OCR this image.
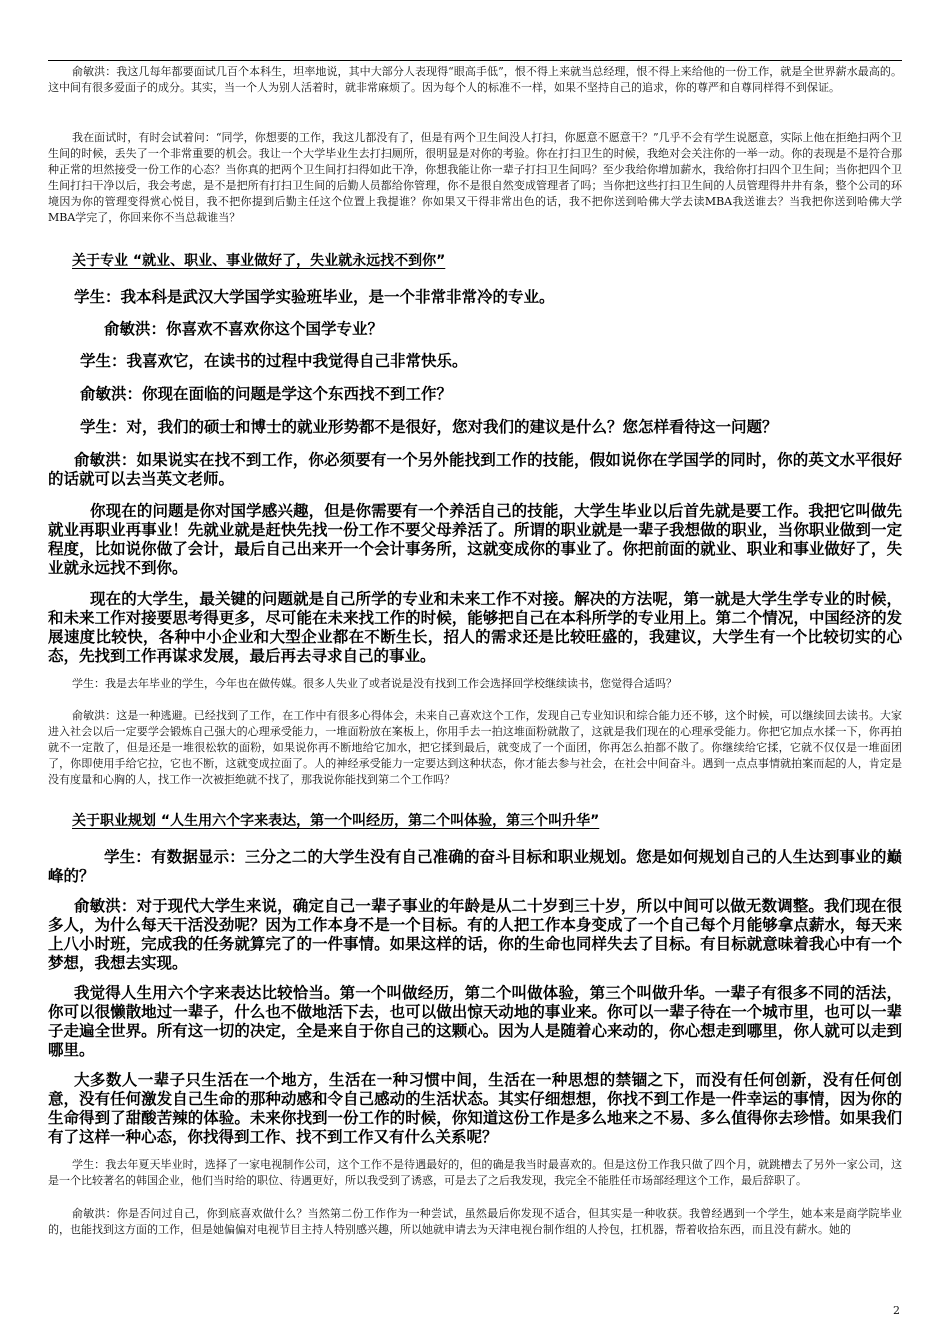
俞敏洪：我这几每年都要面试几百个本科生，坦率地说，其中大部分人表现得“眼高手低”，恨不得上来就当总经理，恨不得上来给他的一份工作，就是全世界薪水最高的。这中间有很多爱面子的成分。其实，当一个人为别人活着时，就非常麻烦了。因为每个人的标准不一样，如果不坚持自己的追求，你的尊严和自尊同样得不到保证。

我在面试时，有时会试着问：“同学，你想要的工作，我这儿都没有了，但是有两个卫生间没人打扫，你愿意不愿意干？”几乎不会有学生说愿意，实际上他在拒绝扫两个卫生间的时候，丢失了一个非常重要的机会。我让一个大学毕业生去打扫厕所，很明显是对你的考验。你在打扫卫生的时候，我绝对会关注你的一举一动。你的表现是不是符合那种正常的坦然接受一份工作的心态？当你真的把两个卫生间打扫得如此干净，你想我能让你一辈子打扫卫生间吗？至少我给你增加薪水，我给你打扫四个卫生间；当你把四个卫生间打扫干净以后，我会考虑，是不是把所有打扫卫生间的后勤人员都给你管理，你不是很自然变成管理者了吗；当你把这些打扫卫生间的人员管理得井井有条，整个公司的环境因为你的管理变得赏心悦目，我不把你提到后勤主任这个位置上我提谁？你如果又干得非常出色的话，我不把你送到哈佛大学去读MBA我送谁去？当我把你送到哈佛大学MBA学完了，你回来你不当总裁谁当？

关于专业 “就业、职业、事业做好了，失业就永远找不到你”

学生：我本科是武汉大学国学实验班毕业，是一个非常非常冷的专业。

俞敏洪：你喜欢不喜欢你这个国学专业？

学生：我喜欢它，在读书的过程中我觉得自己非常快乐。

俞敏洪：你现在面临的问题是学这个东西找不到工作？

学生：对，我们的硕士和博士的就业形势都不是很好，您对我们的建议是什么？您怎样看待这一问题？

俞敏洪：如果说实在找不到工作，你必须要有一个另外能找到工作的技能，假如说你在学国学的同时，你的英文水平很好的话就可以去当英文老师。

你现在的问题是你对国学感兴趣，但是你需要有一个养活自己的技能，大学生毕业以后首先就是要工作。我把它叫做先就业再职业再事业！先就业就是赶快先找一份工作不要父母养活了。所谓的职业就是一辈子我想做的职业，当你职业做到一定程度，比如说你做了会计，最后自己出来开一个会计事务所，这就变成你的事业了。你把前面的就业、职业和事业做好了，失业就永远找不到你。

现在的大学生，最关键的问题就是自己所学的专业和未来工作不对接。解决的方法呢，第一就是大学生学专业的时候，和未来工作对接要思考得更多，尽可能在未来找工作的时候，能够把自己在本科所学的专业用上。第二个情况，中国经济的发展速度比较快，各种中小企业和大型企业都在不断生长，招人的需求还是比较旺盛的，我建议，大学生有一个比较切实的心态，先找到工作再谋求发展，最后再去寻求自己的事业。

学生：我是去年毕业的学生，今年也在做传媒。很多人失业了或者说是没有找到工作会选择回学校继续读书，您觉得合适吗？

俞敏洪：这是一种逃避。已经找到了工作，在工作中有很多心得体会，未来自己喜欢这个工作，发现自己专业知识和综合能力还不够，这个时候，可以继续回去读书。大家进入社会以后一定要学会锻炼自己强大的心理承受能力，一堆面粉放在案板上，你用手去一拍这堆面粉就散了，这就是我们现在的心理承受能力。你把它加点水揉一下，你再拍就不一定散了，但是还是一堆很松软的面粉，如果说你再不断地给它加水，把它揉到最后，就变成了一个面团，你再怎么拍都不散了。你继续给它揉，它就不仅仅是一堆面团了，你即使用手给它拉，它也不断，这就变成拉面了。人的神经承受能力一定要达到这种状态，你才能去参与社会，在社会中间奋斗。遇到一点点事情就拍案而起的人，肯定是没有度量和心胸的人，找工作一次被拒绝就不找了，那我说你能找到第二个工作吗？

关于职业规划 “人生用六个字来表达，第一个叫经历，第二个叫体验，第三个叫升华”

学生：有数据显示：三分之二的大学生没有自己准确的奋斗目标和职业规划。您是如何规划自己的人生达到事业的巅峰的？

俞敏洪：对于现代大学生来说，确定自己一辈子事业的年龄是从二十岁到三十岁，所以中间可以做无数调整。我们现在很多人，为什么每天干活没劲呢？因为工作本身不是一个目标。有的人把工作本身变成了一个自己每个月能够拿点薪水，每天来上八小时班，完成我的任务就算完了的一件事情。如果这样的话，你的生命也同样失去了目标。有目标就意味着我心中有一个梦想，我想去实现。

我觉得人生用六个字来表达比较恰当。第一个叫做经历，第二个叫做体验，第三个叫做升华。一辈子有很多不同的活法，你可以很懒散地过一辈子，什么也不做地活下去，也可以做出惊天动地的事业来。你可以一辈子待在一个城市里，也可以一辈子走遍全世界。所有这一切的决定，全是来自于你自己的这颗心。因为人是随着心来动的，你心想走到哪里，你人就可以走到哪里。

大多数人一辈子只生活在一个地方，生活在一种习惯中间，生活在一种思想的禁锢之下，而没有任何创新，没有任何创意，没有任何激发自己生命的那种动感和令自己感动的生活状态。其实仔细想想，你找不到工作是一件幸运的事情，因为你的生命得到了甜酸苦辣的体验。未来你找到一份工作的时候，你知道这份工作是多么地来之不易、多么值得你去珍惜。如果我们有了这样一种心态，你找得到工作、找不到工作又有什么关系呢？

学生：我去年夏天毕业时，选择了一家电视制作公司，这个工作不是待遇最好的，但的确是我当时最喜欢的。但是这份工作我只做了四个月，就跳槽去了另外一家公司，这是一个比较著名的韩国企业，他们当时给的职位、待遇更好，所以我受到了诱惑，可是去了之后我发现，我完全不能胜任市场部经理这个工作，最后辞职了。

俞敏洪：你是否问过自己，你到底喜欢做什么？当然第二份工作作为一种尝试，虽然最后你发现不适合，但其实是一种收获。我曾经遇到一个学生，她本来是商学院毕业的，也能找到这方面的工作，但是她偏偏对电视节目主持人特别感兴趣，所以她就申请去为天津电视台制作组的人拎包，扛机器，帮着收拾东西，而且没有薪水。她的

2
